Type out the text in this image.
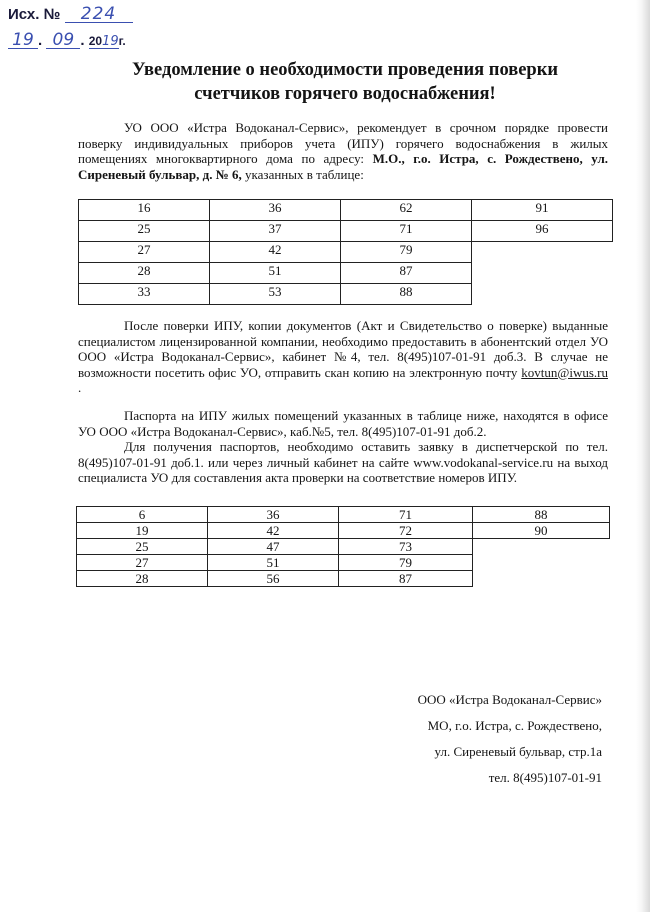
Исх. № 224
19 . 09 . 2019г.
Уведомление о необходимости проведения поверки
счетчиков горячего водоснабжения!
УО ООО «Истра Водоканал-Сервис», рекомендует в срочном порядке провести поверку индивидуальных приборов учета (ИПУ) горячего водоснабжения в жилых помещениях многоквартирного дома по адресу: М.О., г.о. Истра, с. Рождествено, ул. Сиреневый бульвар, д. № 6, указанных в таблице:
16
25
27
28
33
36
37
42
51
53
62
71
79
87
88
91
96
После поверки ИПУ, копии документов (Акт и Свидетельство о поверке) выданные специалистом лицензированной компании, необходимо предоставить в абонентский отдел УО ООО «Истра Водоканал-Сервис», кабинет №4, тел. 8(495)107-01-91 доб.3. В случае не возможности посетить офис УО, отправить скан копию на электронную почту kovtun@iwus.ru .
Паспорта на ИПУ жилых помещений указанных в таблице ниже, находятся в офисе УО ООО «Истра Водоканал-Сервис», каб.№5, тел. 8(495)107-01-91 доб.2.
Для получения паспортов, необходимо оставить заявку в диспетчерской по тел. 8(495)107-01-91 доб.1. или через личный кабинет на сайте www.vodokanal-service.ru на выход специалиста УО для составления акта проверки на соответствие номеров ИПУ.
6
19
25
27
28
36
42
47
51
56
71
72
73
79
87
88
90
ООО «Истра Водоканал-Сервис»
МО, г.о. Истра, с. Рождествено,
ул. Сиреневый бульвар, стр.1а
тел. 8(495)107-01-91
